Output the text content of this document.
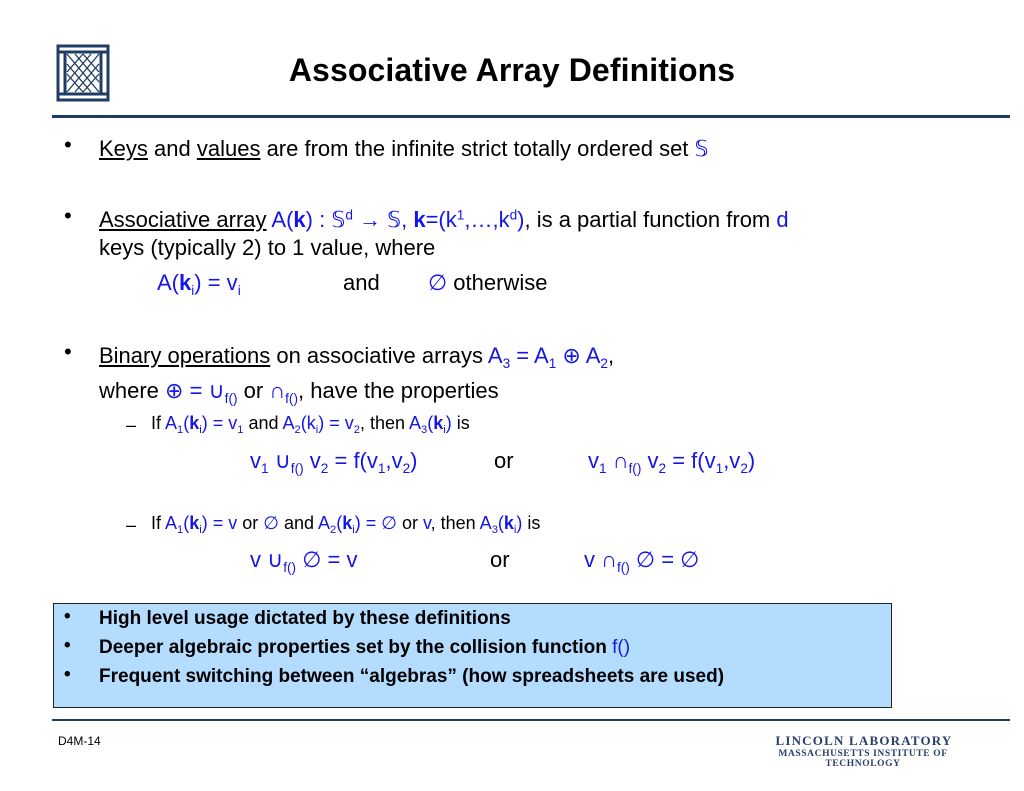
Associative Array Definitions
• Keys and values are from the infinite strict totally ordered set 𝕊
• Associative array A(k) : 𝕊$^d$ → 𝕊, $k=(k^1,\dots,k^d)$, is a partial function from d
keys (typically 2) to 1 value, where
$A(k_i) = v_i$	and ∅ otherwise
• Binary operations on associative arrays $A_3 = A_1$ ⊕ $A_2$,
where ⊕ = $\cup_{f()}$ or $\cap_{f()}$, have the properties
– If $A_1(k_i) = v_1$ and $A_2(k_i) = v_2$, then $A_3(k_i)$ is
$v_1$ $\cup_{f()}$ $v_2 = f(v_1,v_2)$	or	$v_1$ $\cap_{f()}$ $v_2 = f(v_1,v_2)$
– If $A_1(k_i) = v$ or ∅ and $A_2(k_i)$ = ∅ or v, then $A_3(k_i)$ is
v $\cup_{f()}$ ∅ = v	or	v $\cap_{f()}$ ∅ = ∅
• High level usage dictated by these definitions
• Deeper algebraic properties set by the collision function f()
• Frequent switching between “algebras” (how spreadsheets are used)
D4M-14	LINCOLN LABORATORY
MASSACHUSETTS INSTITUTE OF TECHNOLOGY
